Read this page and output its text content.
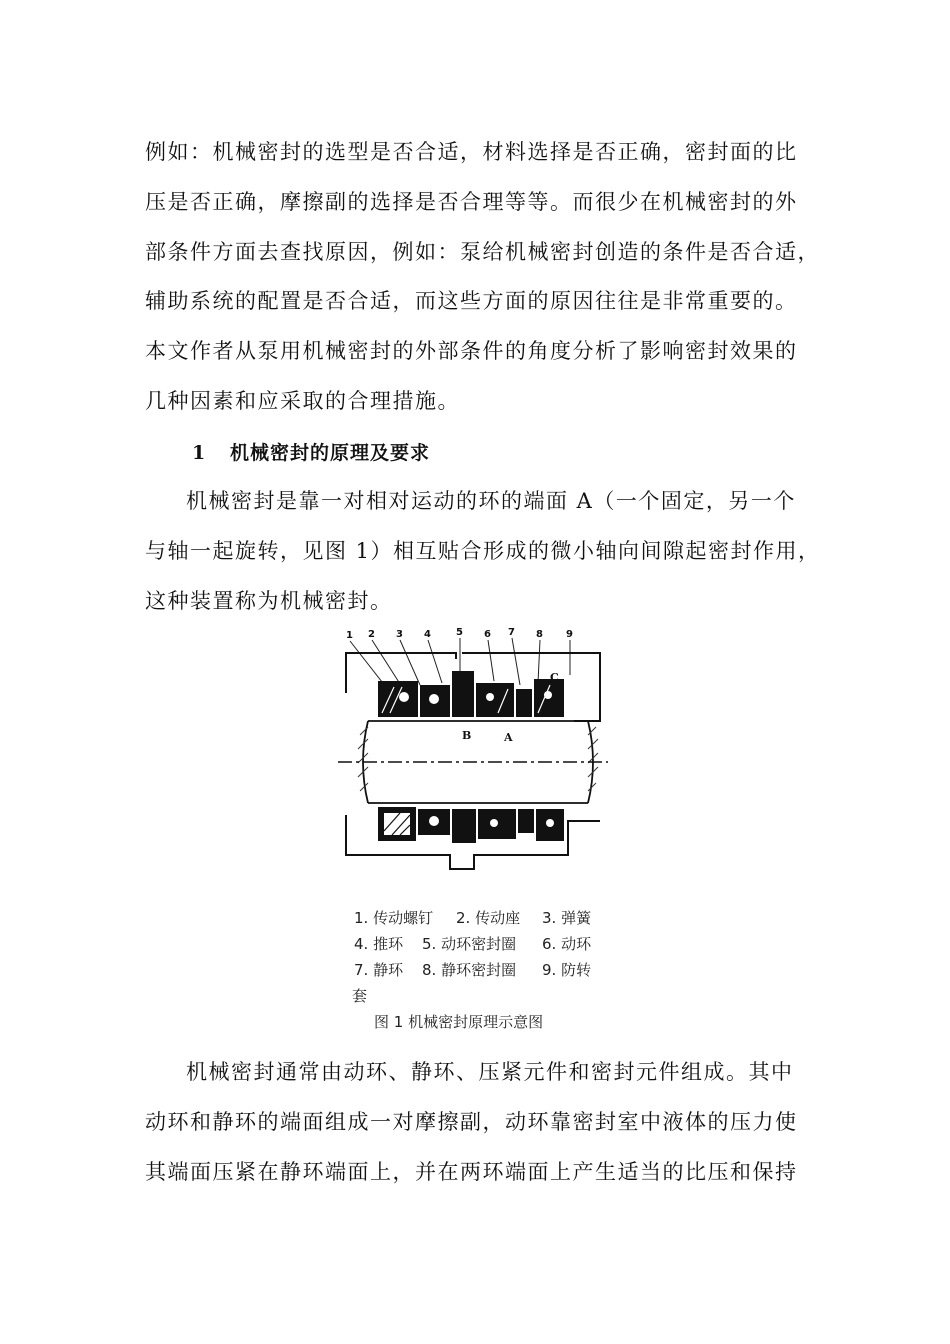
例如：机械密封的选型是否合适，材料选择是否正确，密封面的比
压是否正确，摩擦副的选择是否合理等等。而很少在机械密封的外
部条件方面去查找原因，例如：泵给机械密封创造的条件是否合适，
辅助系统的配置是否合适，而这些方面的原因往往是非常重要的。
本文作者从泵用机械密封的外部条件的角度分析了影响密封效果的
几种因素和应采取的合理措施。
1 机械密封的原理及要求
机械密封是靠一对相对运动的环的端面 A（一个固定，另一个
与轴一起旋转，见图 1）相互贴合形成的微小轴向间隙起密封作用，
这种装置称为机械密封。
1 2 3 4	5 6 7 8 9
B	A
C
1. 传动螺钉 2. 传动座 3. 弹簧
4. 推环 5. 动环密封圈 6. 动环
7. 静环 8. 静环密封圈 9. 防转
套
图 1 机械密封原理示意图
机械密封通常由动环、静环、压紧元件和密封元件组成。其中
动环和静环的端面组成一对摩擦副，动环靠密封室中液体的压力使
其端面压紧在静环端面上，并在两环端面上产生适当的比压和保持
